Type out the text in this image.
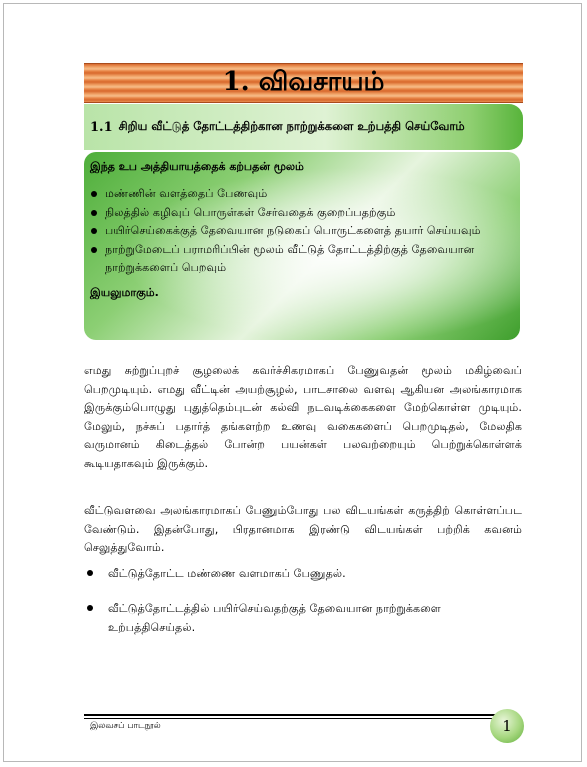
1. விவசாயம்
1.1 சிறிய வீட்டுத் தோட்டத்திற்கான நாற்றுக்களை உற்பத்தி செய்வோம்

இந்த உப அத்தியாயத்தைக் கற்பதன் மூலம்

மண்ணின் வளத்தைப் பேணவும்
நிலத்தில் கழிவுப் பொருள்கள் சேர்வதைக் குறைப்பதற்கும்
பயிர்செய்கைக்குத் தேவையான நடுகைப் பொருட்களைத் தயார் செய்யவும்
நாற்றுமேடைப் பராமரிப்பின் மூலம் வீட்டுத் தோட்டத்திற்குத் தேவையான நாற்றுக்களைப் பெறவும்
இயலுமாகும்.
எமது சுற்றுப்புறச் சூழலைக் கவர்ச்சிகரமாகப் பேணுவதன் மூலம் மகிழ்வைப் பெறமுடியும். எமது வீட்டின் அயற்சூழல், பாடசாலை வளவு ஆகியன அலங்காரமாக இருக்கும்பொழுது புதுத்தெம்புடன் கல்வி நடவடிக்கைகளை மேற்கொள்ள முடியும். மேலும், நச்சுப் பதார்த் தங்களற்ற உணவு வகைகளைப் பெறமுடிதல், மேலதிக வருமானம் கிடைத்தல் போன்ற பயன்கள் பலவற்றையும் பெற்றுக்கொள்ளக் கூடியதாகவும் இருக்கும்.
வீட்டுவளவை அலங்காரமாகப் பேணும்போது பல விடயங்கள் கருத்திற் கொள்ளப்பட வேண்டும். இதன்போது, பிரதானமாக இரண்டு விடயங்கள் பற்றிக் கவனம் செலுத்துவோம்.
வீட்டுத்தோட்ட மண்ணை வளமாகப் பேணுதல்.
வீட்டுத்தோட்டத்தில் பயிர்செய்வதற்குத் தேவையான நாற்றுக்களை உற்பத்திசெய்தல்.
இலவசப் பாடநூல்	1
